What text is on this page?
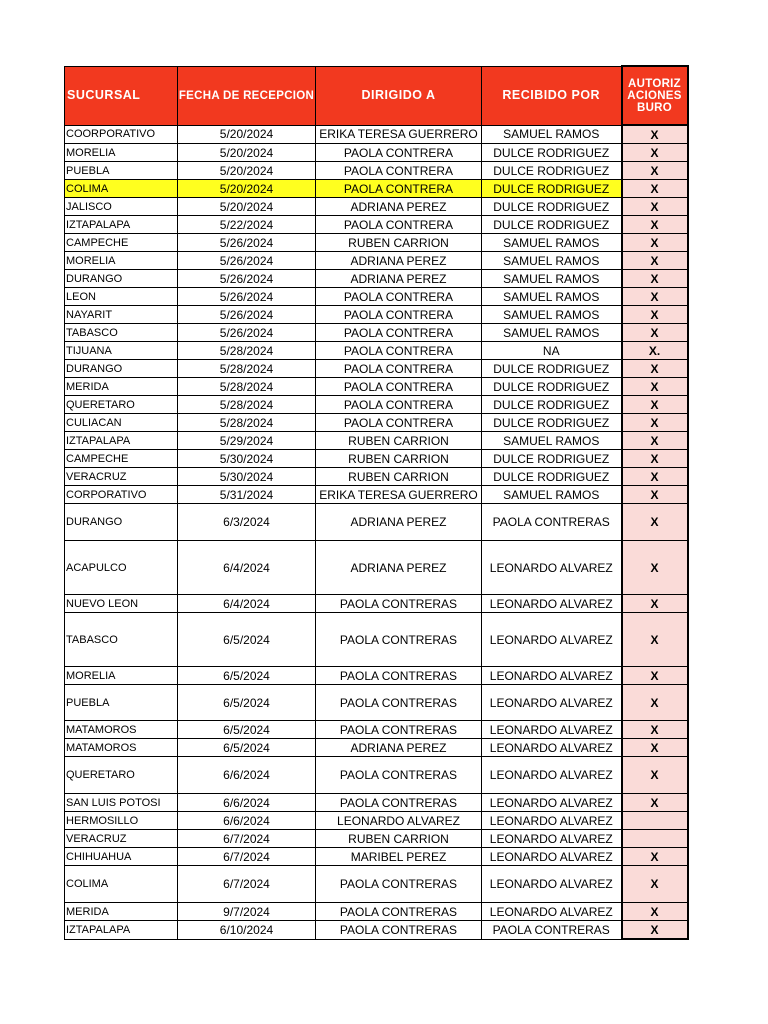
SUCURSAL	FECHA DE RECEPCION	DIRIGIDO A	RECIBIDO POR	AUTORIZ ACIONES BURO
COORPORATIVO	5/20/2024	ERIKA TERESA GUERRERO	SAMUEL RAMOS	X
MORELIA	5/20/2024	PAOLA CONTRERA	DULCE RODRIGUEZ	X
PUEBLA	5/20/2024	PAOLA CONTRERA	DULCE RODRIGUEZ	X
COLIMA	5/20/2024	PAOLA CONTRERA	DULCE RODRIGUEZ	X
JALISCO	5/20/2024	ADRIANA PEREZ	DULCE RODRIGUEZ	X
IZTAPALAPA	5/22/2024	PAOLA CONTRERA	DULCE RODRIGUEZ	X
CAMPECHE	5/26/2024	RUBEN CARRION	SAMUEL RAMOS	X
MORELIA	5/26/2024	ADRIANA PEREZ	SAMUEL RAMOS	X
DURANGO	5/26/2024	ADRIANA PEREZ	SAMUEL RAMOS	X
LEON	5/26/2024	PAOLA CONTRERA	SAMUEL RAMOS	X
NAYARIT	5/26/2024	PAOLA CONTRERA	SAMUEL RAMOS	X
TABASCO	5/26/2024	PAOLA CONTRERA	SAMUEL RAMOS	X
TIJUANA	5/28/2024	PAOLA CONTRERA	NA	X.
DURANGO	5/28/2024	PAOLA CONTRERA	DULCE RODRIGUEZ	X
MERIDA	5/28/2024	PAOLA CONTRERA	DULCE RODRIGUEZ	X
QUERETARO	5/28/2024	PAOLA CONTRERA	DULCE RODRIGUEZ	X
CULIACAN	5/28/2024	PAOLA CONTRERA	DULCE RODRIGUEZ	X
IZTAPALAPA	5/29/2024	RUBEN CARRION	SAMUEL RAMOS	X
CAMPECHE	5/30/2024	RUBEN CARRION	DULCE RODRIGUEZ	X
VERACRUZ	5/30/2024	RUBEN CARRION	DULCE RODRIGUEZ	X
CORPORATIVO	5/31/2024	ERIKA TERESA GUERRERO	SAMUEL RAMOS	X
DURANGO	6/3/2024	ADRIANA PEREZ	PAOLA CONTRERAS	X
ACAPULCO	6/4/2024	ADRIANA PEREZ	LEONARDO ALVAREZ	X
NUEVO LEON	6/4/2024	PAOLA CONTRERAS	LEONARDO ALVAREZ	X
TABASCO	6/5/2024	PAOLA CONTRERAS	LEONARDO ALVAREZ	X
MORELIA	6/5/2024	PAOLA CONTRERAS	LEONARDO ALVAREZ	X
PUEBLA	6/5/2024	PAOLA CONTRERAS	LEONARDO ALVAREZ	X
MATAMOROS	6/5/2024	PAOLA CONTRERAS	LEONARDO ALVAREZ	X
MATAMOROS	6/5/2024	ADRIANA PEREZ	LEONARDO ALVAREZ	X
QUERETARO	6/6/2024	PAOLA CONTRERAS	LEONARDO ALVAREZ	X
SAN LUIS POTOSI	6/6/2024	PAOLA CONTRERAS	LEONARDO ALVAREZ	X
HERMOSILLO	6/6/2024	LEONARDO ALVAREZ	LEONARDO ALVAREZ	
VERACRUZ	6/7/2024	RUBEN CARRION	LEONARDO ALVAREZ	
CHIHUAHUA	6/7/2024	MARIBEL PEREZ	LEONARDO ALVAREZ	X
COLIMA	6/7/2024	PAOLA CONTRERAS	LEONARDO ALVAREZ	X
MERIDA	9/7/2024	PAOLA CONTRERAS	LEONARDO ALVAREZ	X
IZTAPALAPA	6/10/2024	PAOLA CONTRERAS	PAOLA CONTRERAS	X
